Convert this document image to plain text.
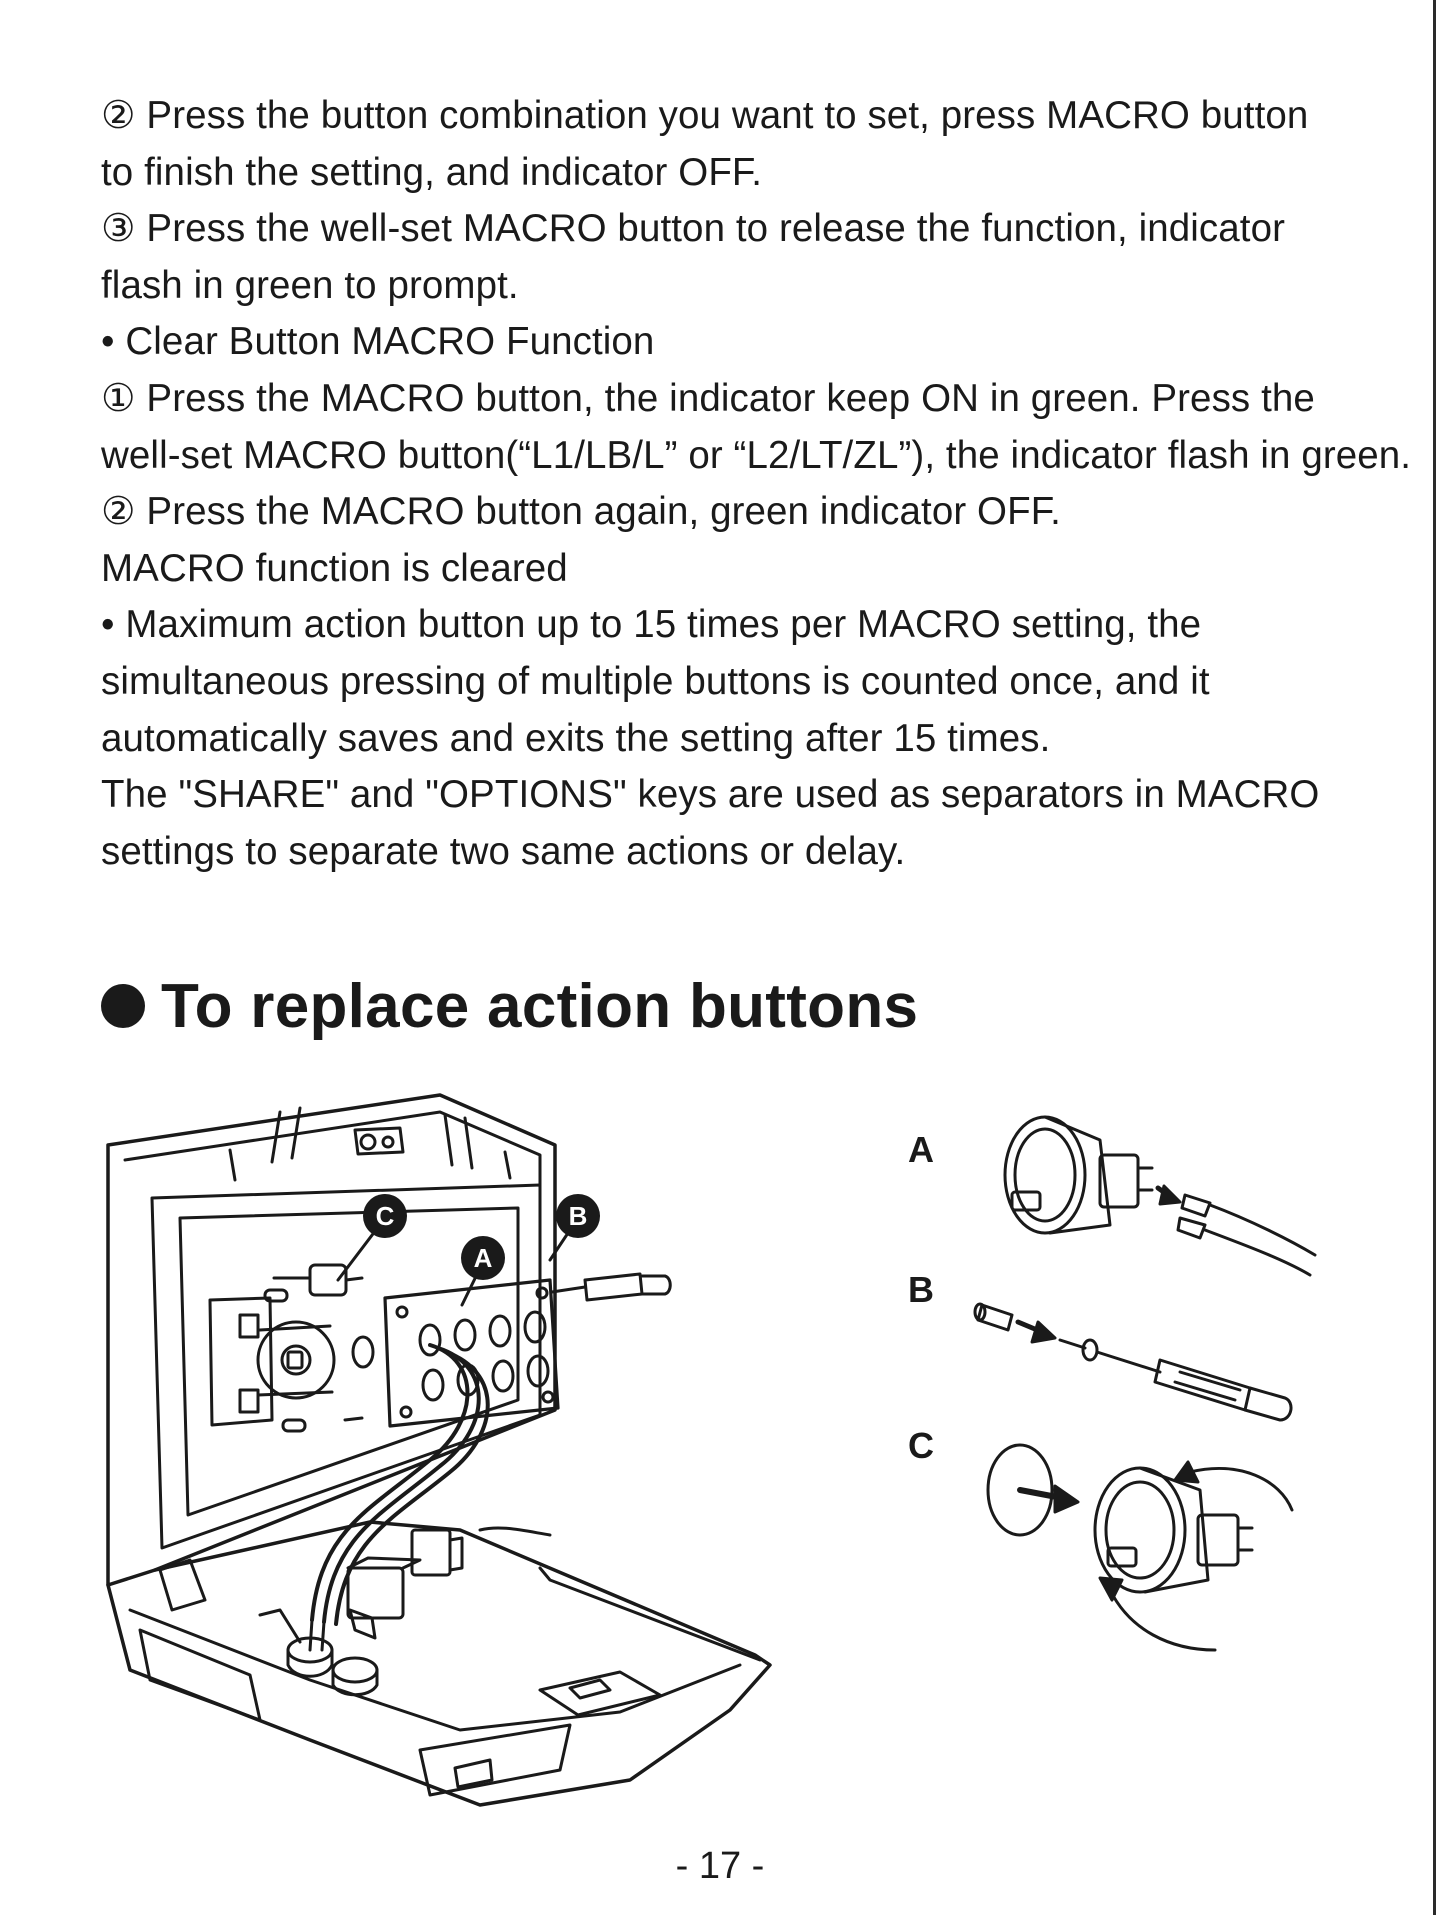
② Press the button combination you want to set, press MACRO button

to finish the setting, and indicator OFF.

③ Press the well-set MACRO button to release the function, indicator

flash in green to prompt.

• Clear Button MACRO Function

① Press the MACRO button, the indicator keep ON in green. Press the

well-set MACRO button(“L1/LB/L” or “L2/LT/ZL”), the indicator flash in green.

② Press the MACRO button again, green indicator OFF.

MACRO function is cleared

• Maximum action button up to 15 times per MACRO setting, the

simultaneous pressing of multiple buttons is counted once, and it

automatically saves and exits the setting after 15 times.

The "SHARE" and "OPTIONS" keys are used as separators in MACRO

settings to separate two same actions or delay.

To replace action buttons
C
A
B
A
B
C
- 17 -
